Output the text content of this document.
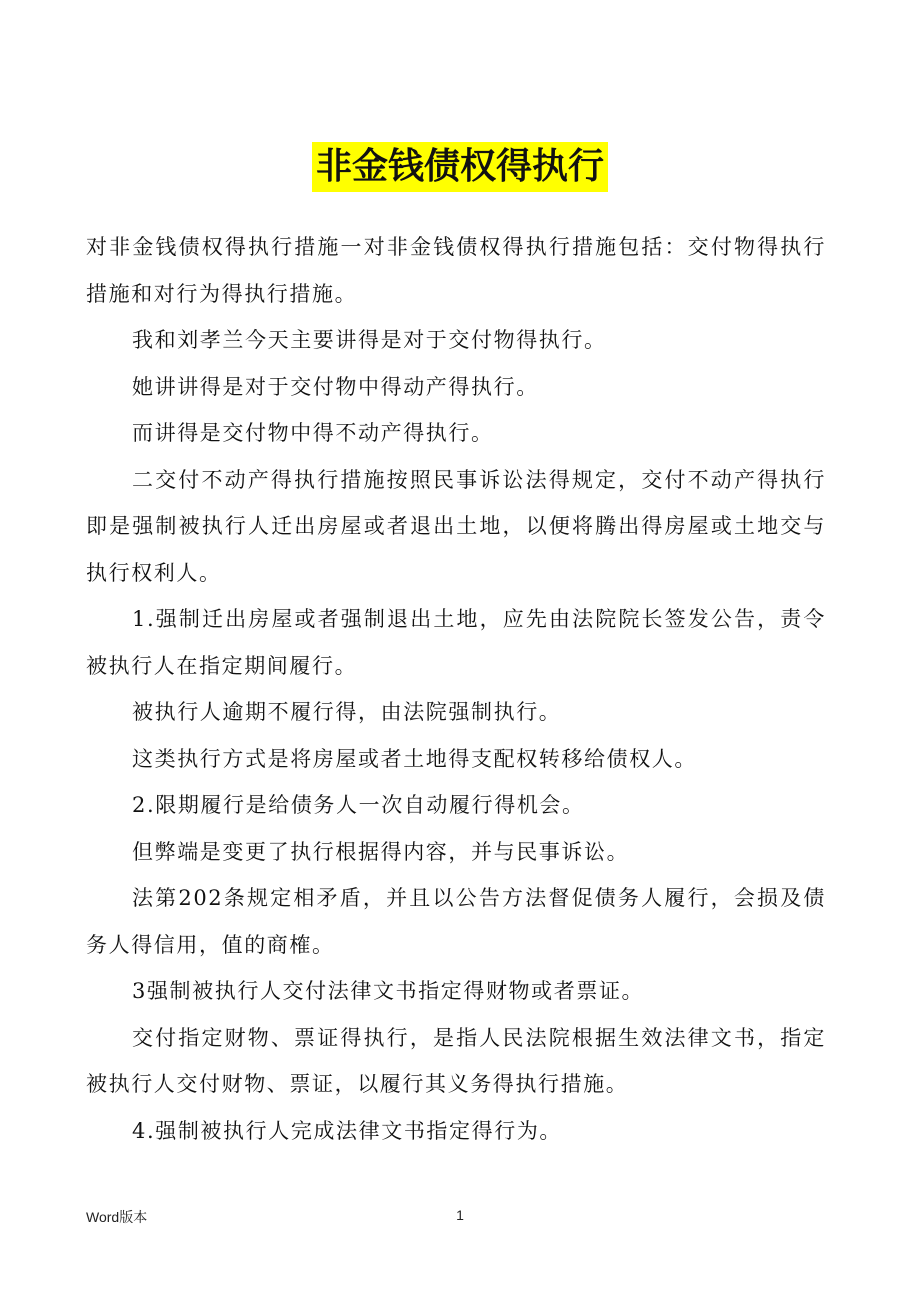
非金钱债权得执行

对非金钱债权得执行措施一对非金钱债权得执行措施包括：交付物得执行措施和对行为得执行措施。

我和刘孝兰今天主要讲得是对于交付物得执行。

她讲讲得是对于交付物中得动产得执行。

而讲得是交付物中得不动产得执行。

二交付不动产得执行措施按照民事诉讼法得规定，交付不动产得执行即是强制被执行人迁出房屋或者退出土地，以便将腾出得房屋或土地交与执行权利人。

1.强制迁出房屋或者强制退出土地，应先由法院院长签发公告，责令被执行人在指定期间履行。

被执行人逾期不履行得，由法院强制执行。

这类执行方式是将房屋或者土地得支配权转移给债权人。

2.限期履行是给债务人一次自动履行得机会。

但弊端是变更了执行根据得内容，并与民事诉讼。

法第202条规定相矛盾，并且以公告方法督促债务人履行，会损及债务人得信用，值的商榷。

3强制被执行人交付法律文书指定得财物或者票证。

交付指定财物、票证得执行，是指人民法院根据生效法律文书，指定被执行人交付财物、票证，以履行其义务得执行措施。

4.强制被执行人完成法律文书指定得行为。

Word版本	1
